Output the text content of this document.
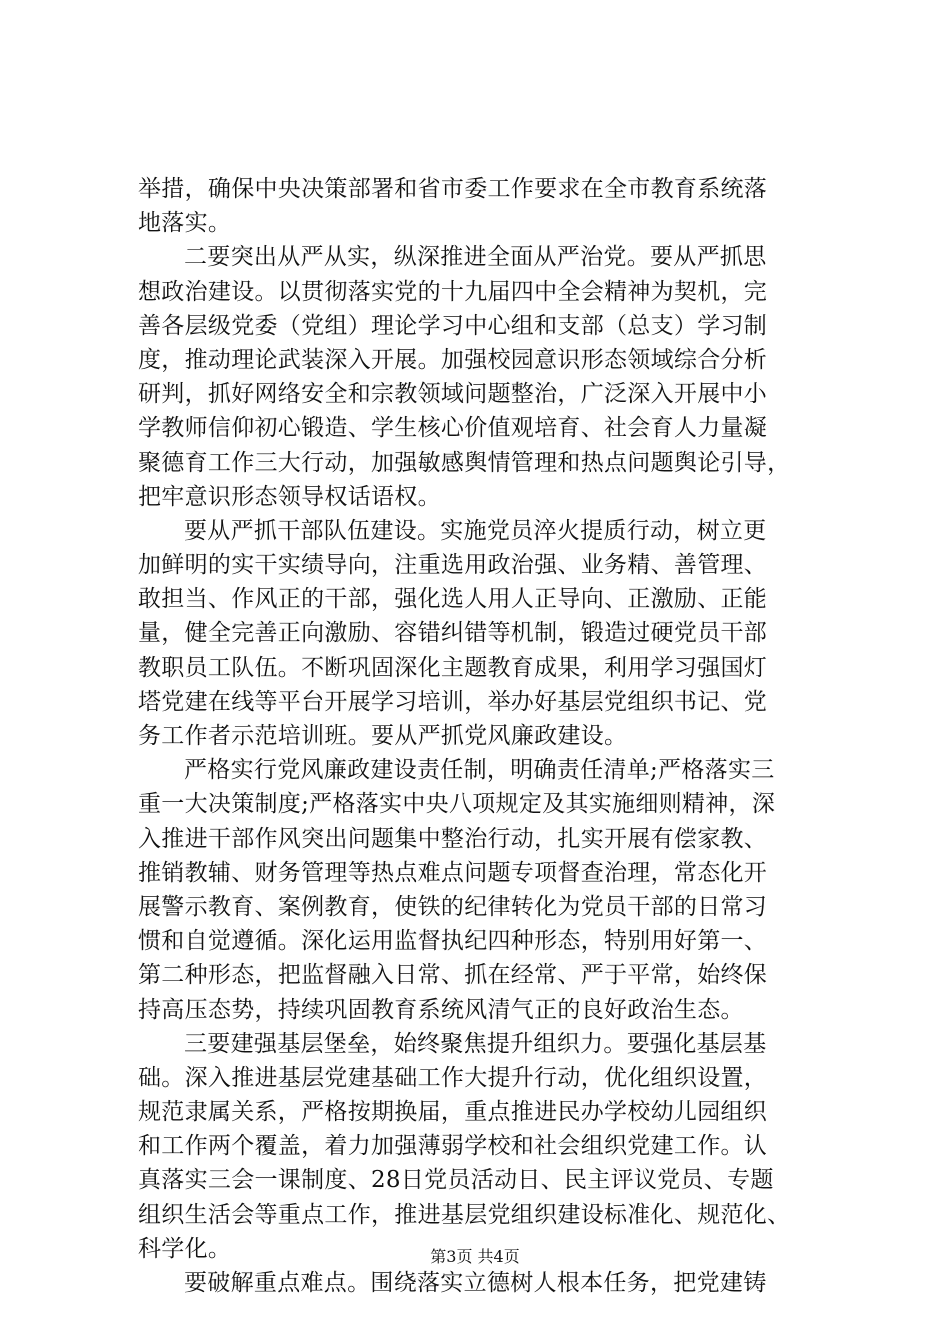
举措，确保中央决策部署和省市委工作要求在全市教育系统落
地落实。
二要突出从严从实，纵深推进全面从严治党。要从严抓思
想政治建设。以贯彻落实党的十九届四中全会精神为契机，完
善各层级党委（党组）理论学习中心组和支部（总支）学习制
度，推动理论武装深入开展。加强校园意识形态领域综合分析
研判，抓好网络安全和宗教领域问题整治，广泛深入开展中小
学教师信仰初心锻造、学生核心价值观培育、社会育人力量凝
聚德育工作三大行动，加强敏感舆情管理和热点问题舆论引导，
把牢意识形态领导权话语权。
要从严抓干部队伍建设。实施党员淬火提质行动，树立更
加鲜明的实干实绩导向，注重选用政治强、业务精、善管理、
敢担当、作风正的干部，强化选人用人正导向、正激励、正能
量，健全完善正向激励、容错纠错等机制，锻造过硬党员干部
教职员工队伍。不断巩固深化主题教育成果，利用学习强国灯
塔党建在线等平台开展学习培训，举办好基层党组织书记、党
务工作者示范培训班。要从严抓党风廉政建设。
严格实行党风廉政建设责任制，明确责任清单;严格落实三
重一大决策制度;严格落实中央八项规定及其实施细则精神，深
入推进干部作风突出问题集中整治行动，扎实开展有偿家教、
推销教辅、财务管理等热点难点问题专项督查治理，常态化开
展警示教育、案例教育，使铁的纪律转化为党员干部的日常习
惯和自觉遵循。深化运用监督执纪四种形态，特别用好第一、
第二种形态，把监督融入日常、抓在经常、严于平常，始终保
持高压态势，持续巩固教育系统风清气正的良好政治生态。
三要建强基层堡垒，始终聚焦提升组织力。要强化基层基
础。深入推进基层党建基础工作大提升行动，优化组织设置，
规范隶属关系，严格按期换届，重点推进民办学校幼儿园组织
和工作两个覆盖，着力加强薄弱学校和社会组织党建工作。认
真落实三会一课制度、28日党员活动日、民主评议党员、专题
组织生活会等重点工作，推进基层党组织建设标准化、规范化、
科学化。
要破解重点难点。围绕落实立德树人根本任务，把党建铸
第3页 共4页
